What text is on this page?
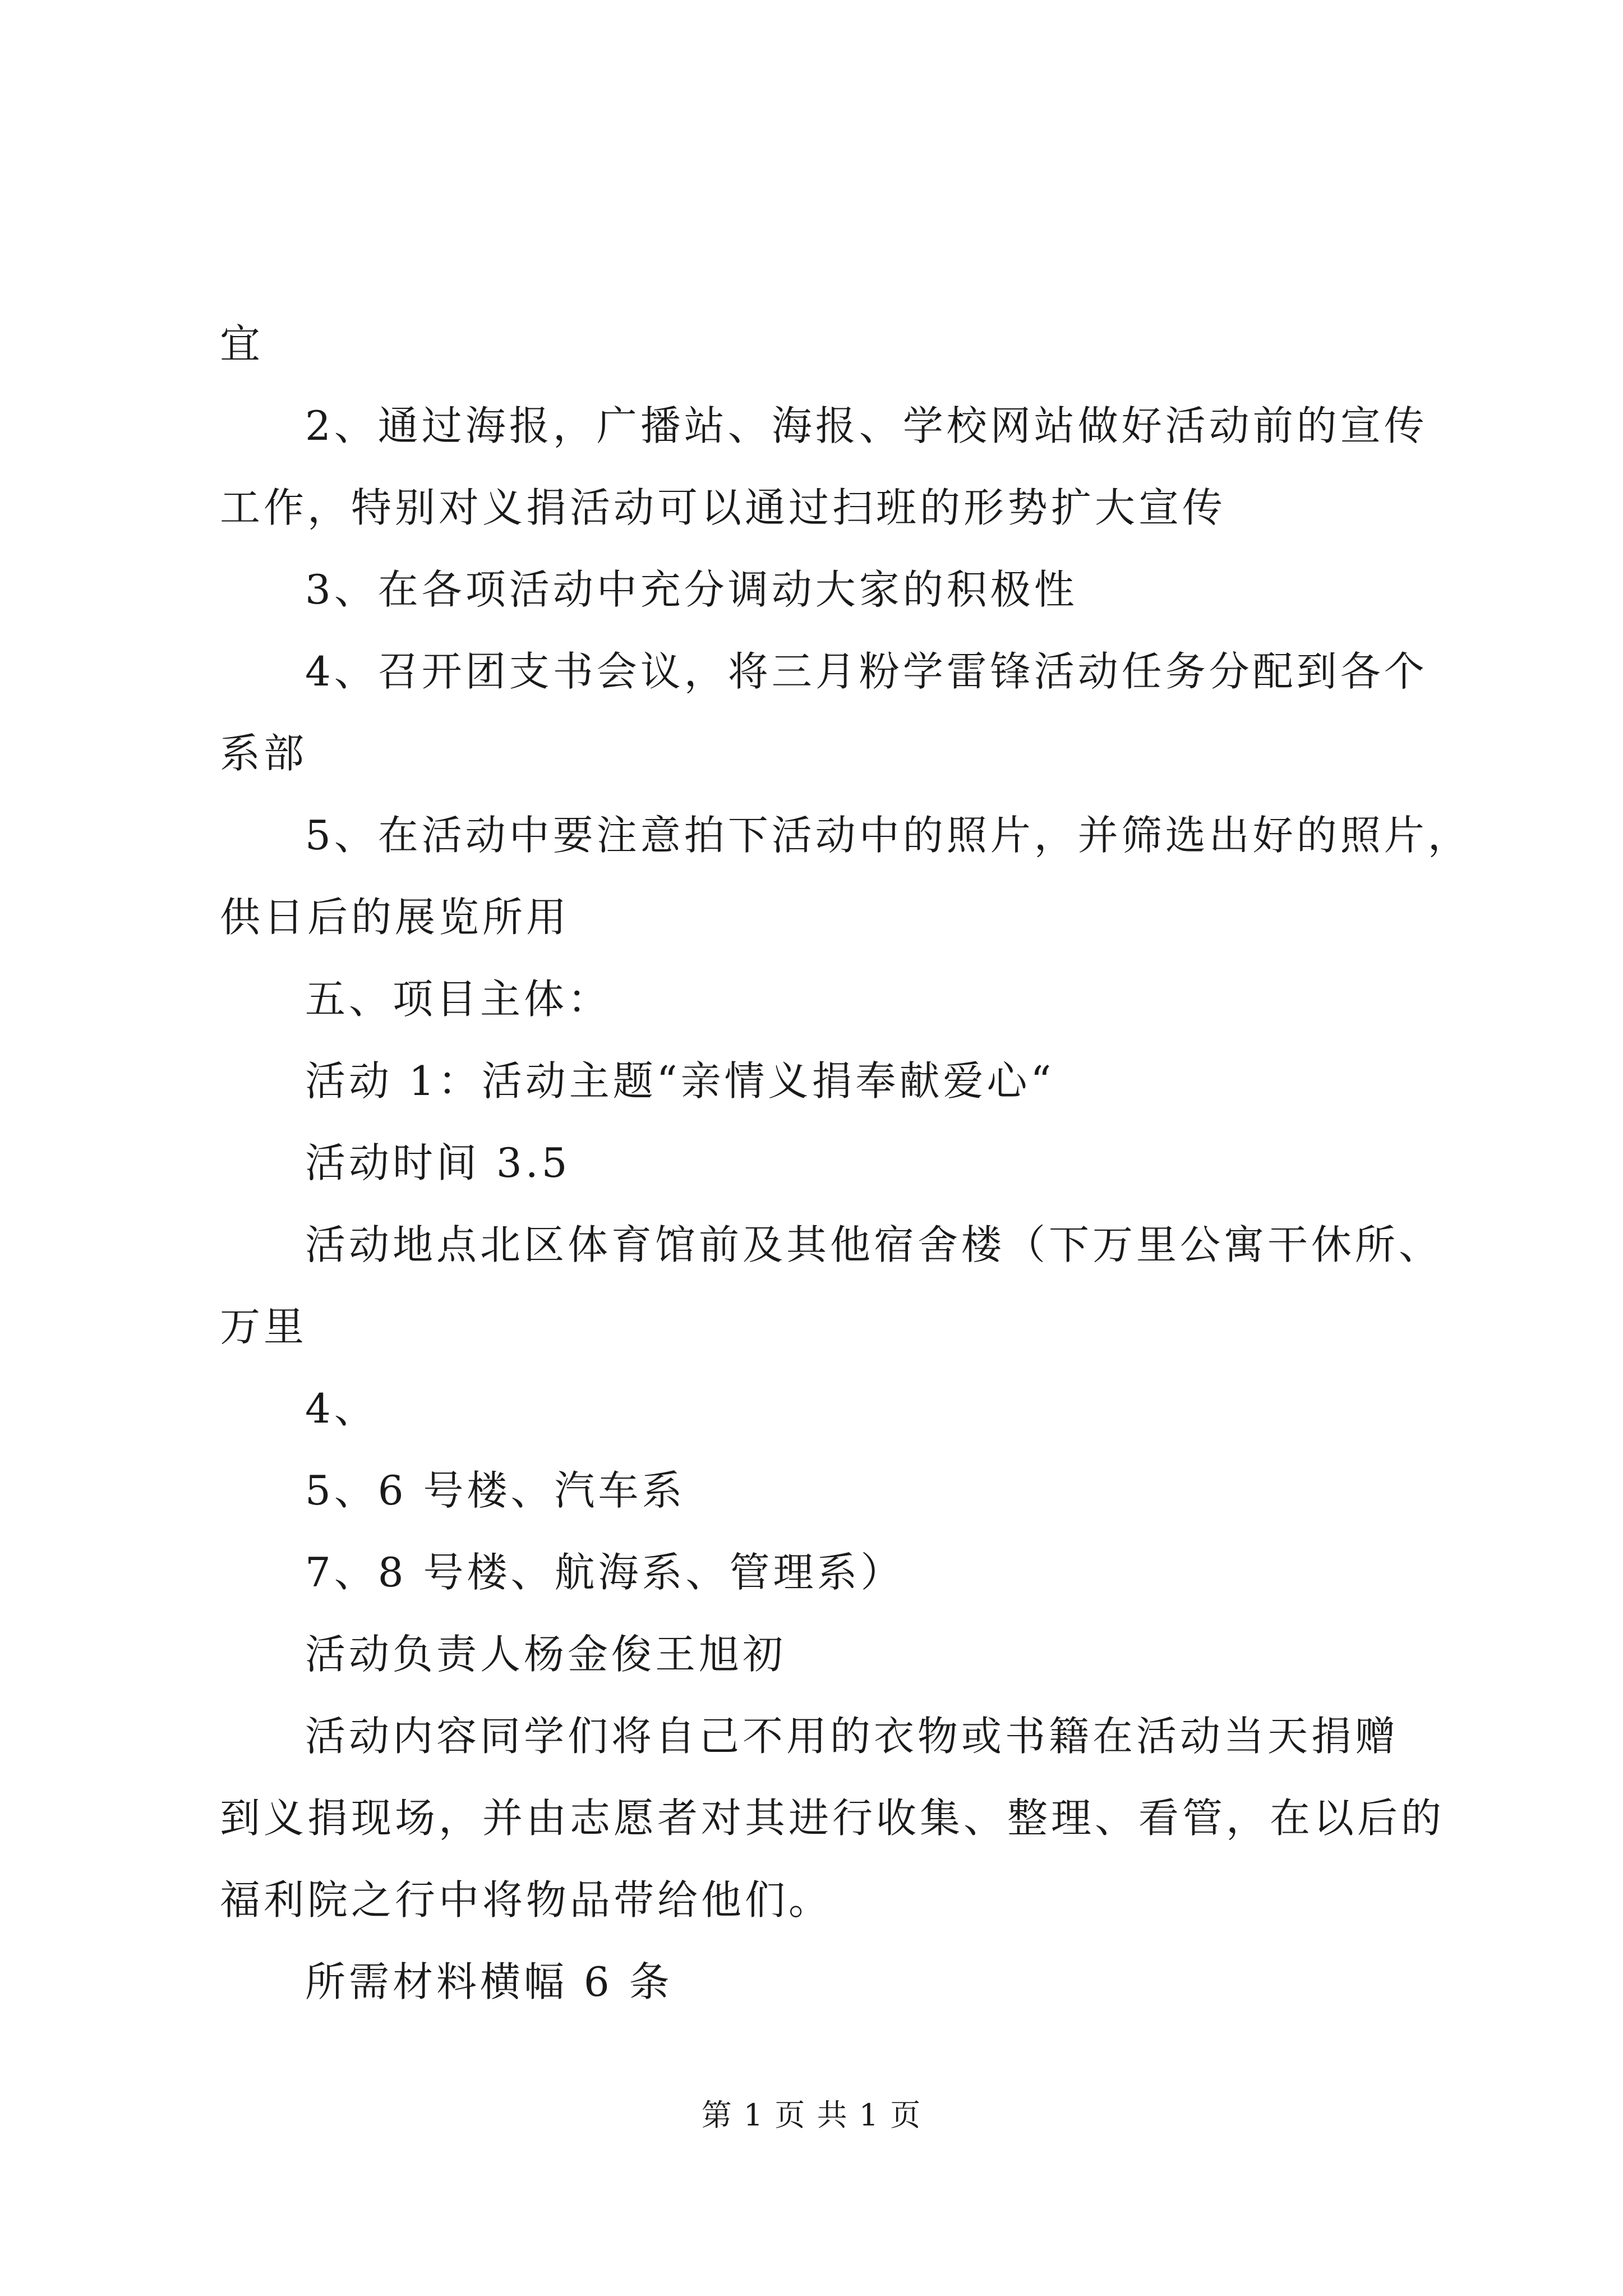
宜
2、通过海报，广播站、海报、学校网站做好活动前的宣传
工作，特别对义捐活动可以通过扫班的形势扩大宣传
3、在各项活动中充分调动大家的积极性
4、召开团支书会议，将三月粉学雷锋活动任务分配到各个
系部
5、在活动中要注意拍下活动中的照片，并筛选出好的照片，
供日后的展览所用
五、项目主体：
活动 1：活动主题“亲情义捐奉献爱心“
活动时间 3.5
活动地点北区体育馆前及其他宿舍楼（下万里公寓干休所、
万里
4、
5、6 号楼、汽车系
7、8 号楼、航海系、管理系）
活动负责人杨金俊王旭初
活动内容同学们将自己不用的衣物或书籍在活动当天捐赠
到义捐现场，并由志愿者对其进行收集、整理、看管，在以后的
福利院之行中将物品带给他们。
所需材料横幅 6 条
第 1 页 共 1 页
